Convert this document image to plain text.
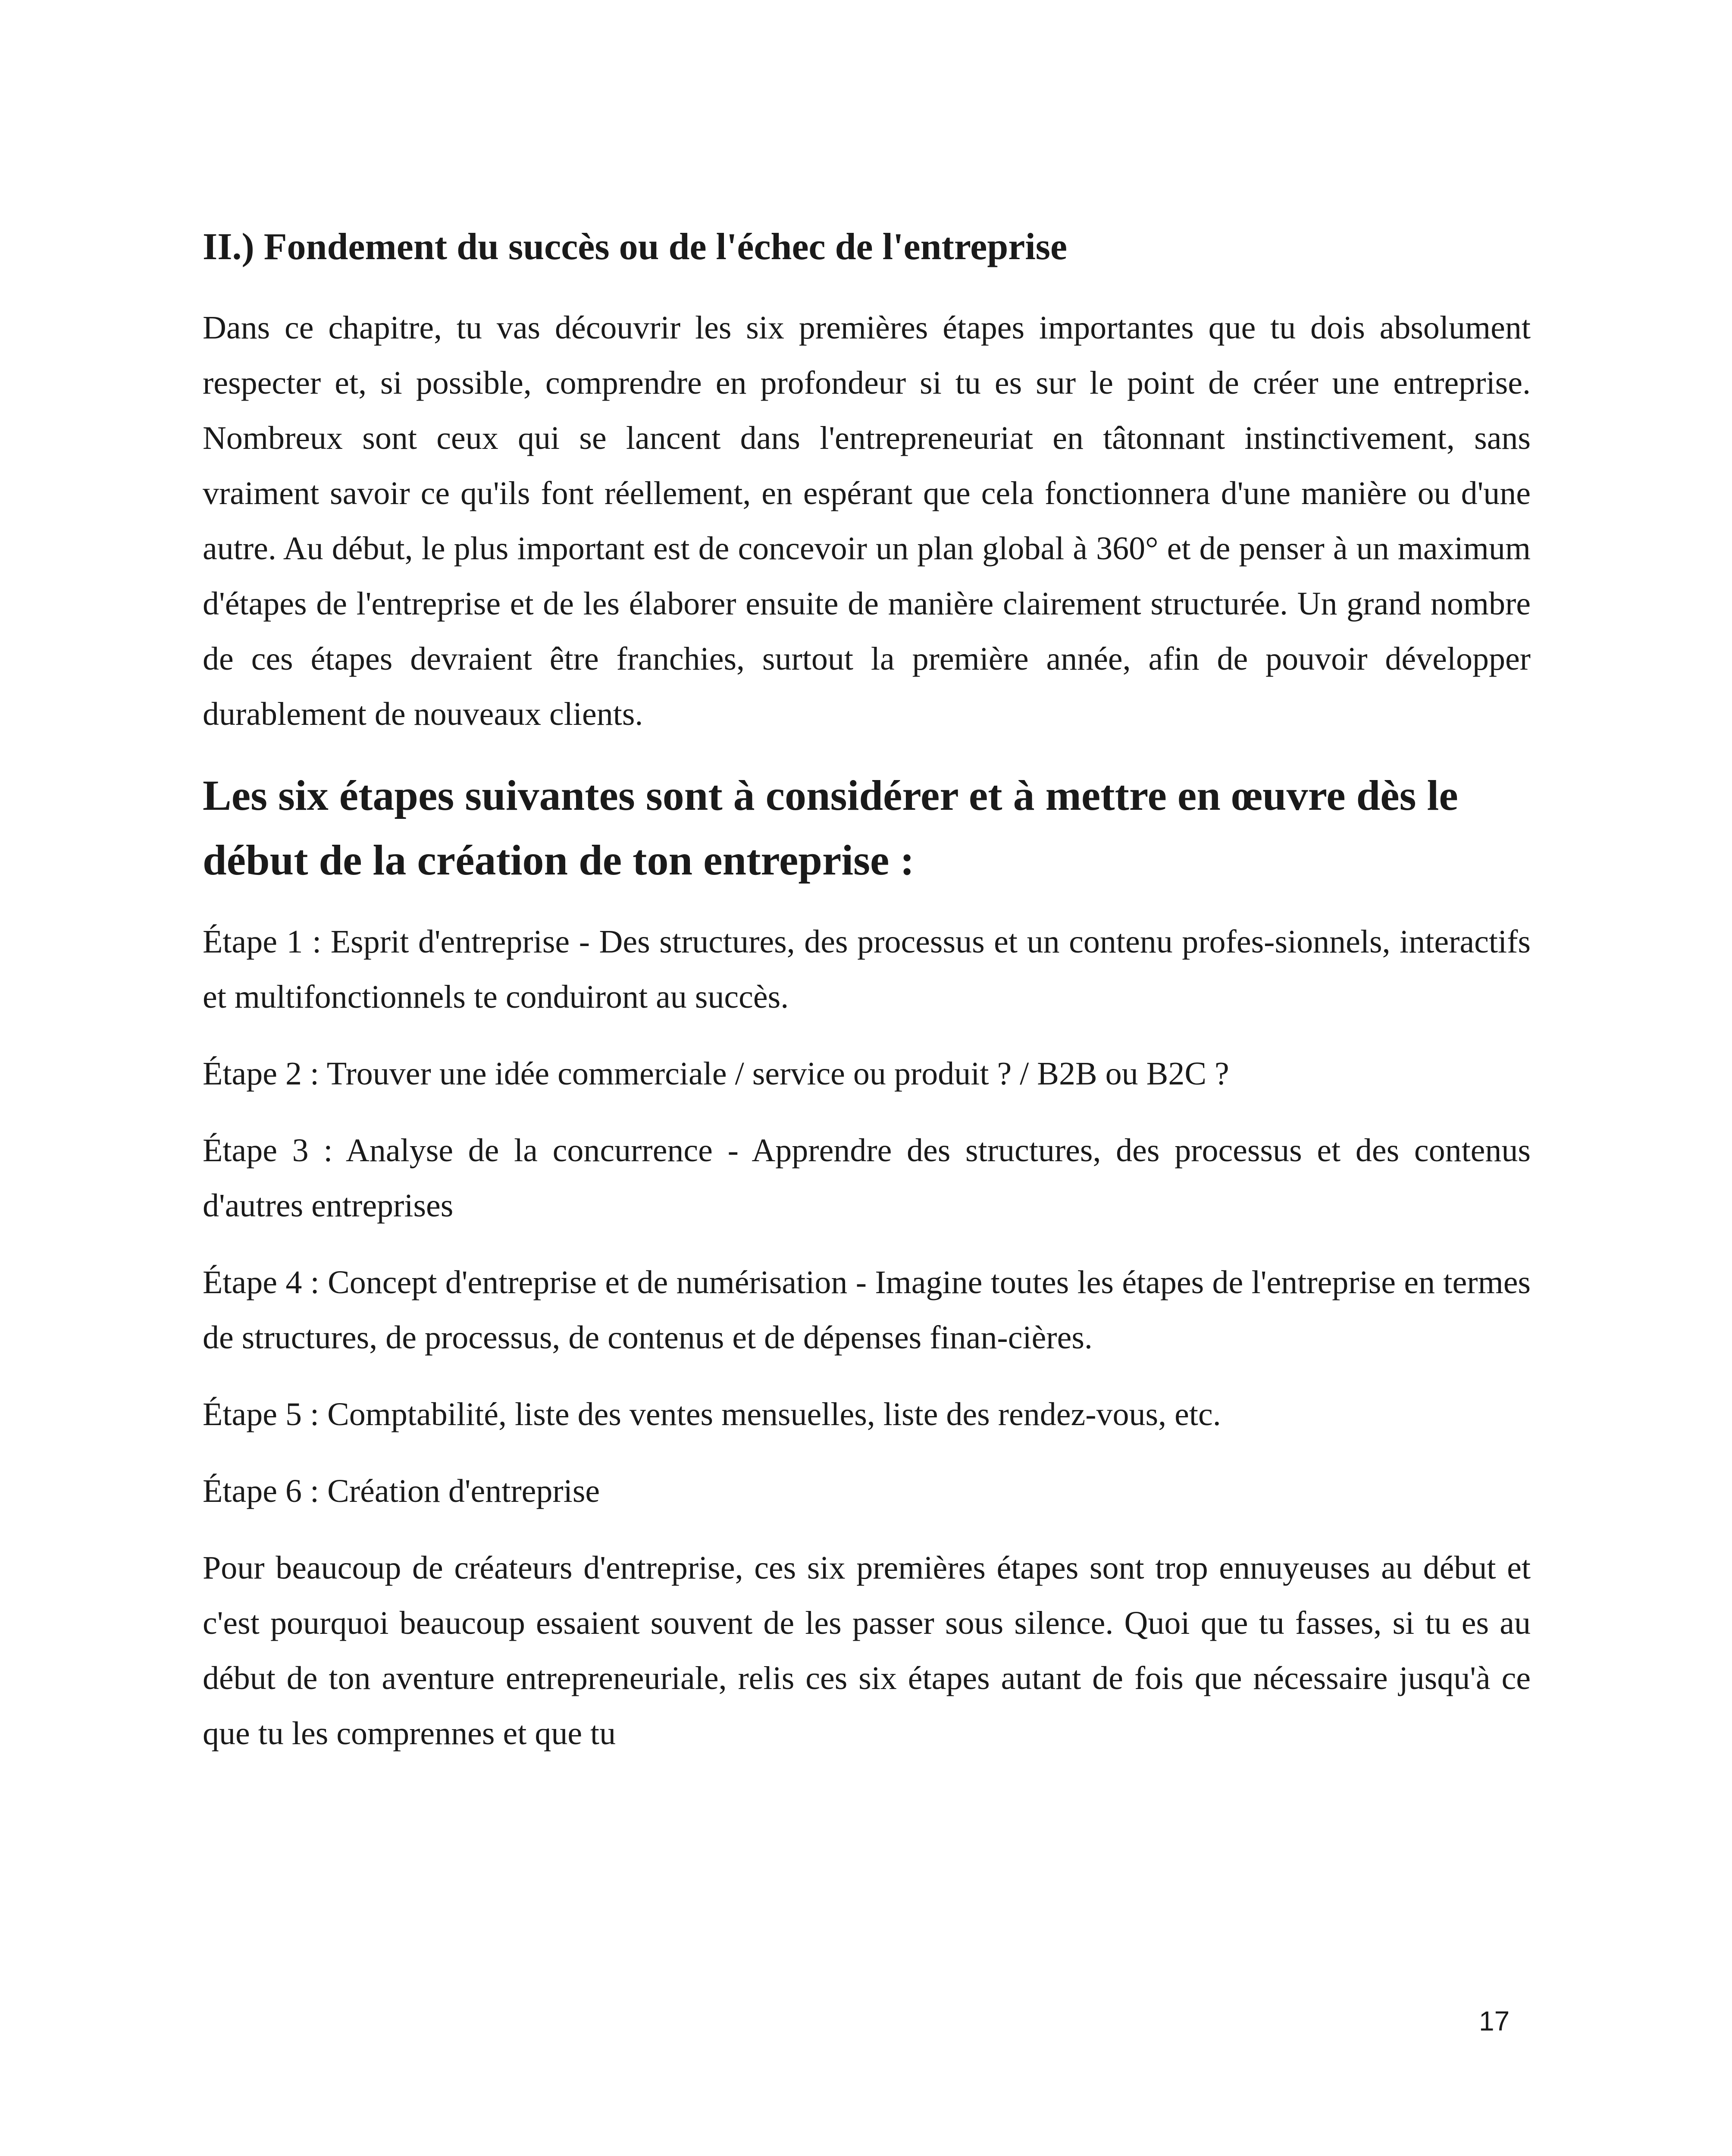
II.) Fondement du succès ou de l'échec de l'entreprise

Dans ce chapitre, tu vas découvrir les six premières étapes importantes que tu dois absolument respecter et, si possible, comprendre en profondeur si tu es sur le point de créer une entreprise. Nombreux sont ceux qui se lancent dans l'entrepreneuriat en tâtonnant instinctivement, sans vraiment savoir ce qu'ils font réellement, en espérant que cela fonctionnera d'une manière ou d'une autre. Au début, le plus important est de concevoir un plan global à 360° et de penser à un maximum d'étapes de l'entreprise et de les élaborer ensuite de manière clairement structurée. Un grand nombre de ces étapes devraient être franchies, surtout la première année, afin de pouvoir développer durablement de nouveaux clients.

Les six étapes suivantes sont à considérer et à mettre en œuvre dès le début de la création de ton entreprise :

Étape 1 : Esprit d'entreprise - Des structures, des processus et un contenu profes-sionnels, interactifs et multifonctionnels te conduiront au succès.

Étape 2 : Trouver une idée commerciale / service ou produit ? / B2B ou B2C ?

Étape 3 : Analyse de la concurrence - Apprendre des structures, des processus et des contenus d'autres entreprises

Étape 4 : Concept d'entreprise et de numérisation - Imagine toutes les étapes de l'entreprise en termes de structures, de processus, de contenus et de dépenses finan-cières.

Étape 5 : Comptabilité, liste des ventes mensuelles, liste des rendez-vous, etc.

Étape 6 : Création d'entreprise

Pour beaucoup de créateurs d'entreprise, ces six premières étapes sont trop ennuyeuses au début et c'est pourquoi beaucoup essaient souvent de les passer sous silence. Quoi que tu fasses, si tu es au début de ton aventure entrepreneuriale, relis ces six étapes autant de fois que nécessaire jusqu'à ce que tu les comprennes et que tu

17
